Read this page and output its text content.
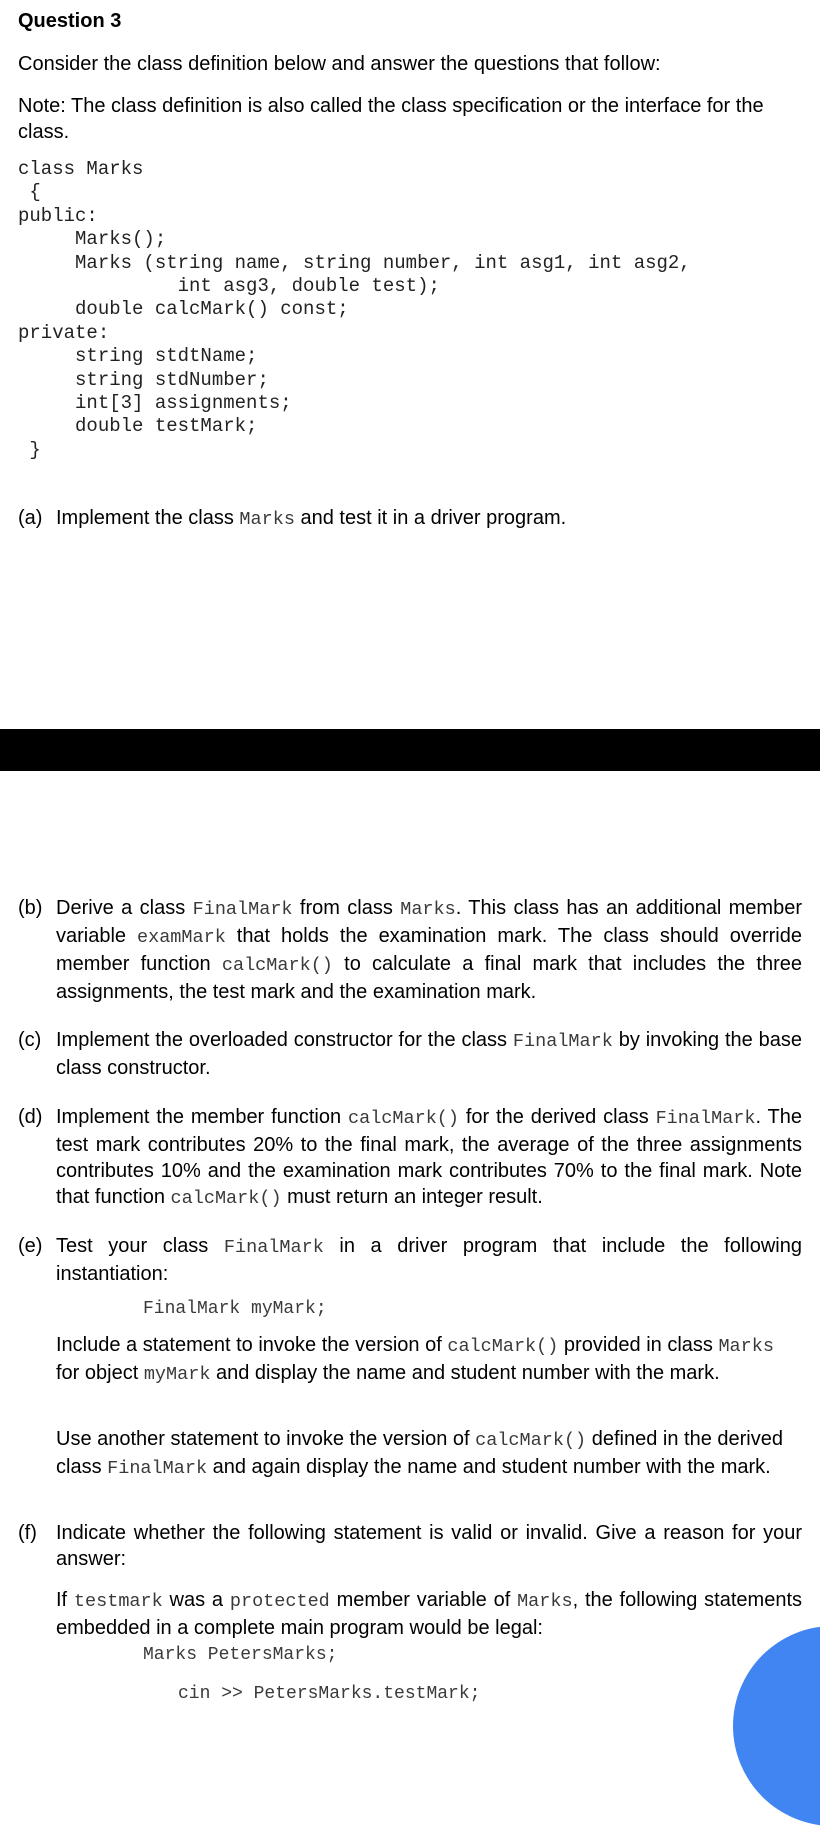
Question 3
Consider the class definition below and answer the questions that follow:
Note: The class definition is also called the class specification or the interface for the class.
class Marks
{
public:
Marks();
Marks (string name, string number, int asg1, int asg2,
int asg3, double test);
double calcMark() const;
private:
string stdtName;
string stdNumber;
int[3] assignments;
double testMark;
}
(a) Implement the class Marks and test it in a driver program.
(b) Derive a class FinalMark from class Marks. This class has an additional member variable examMark that holds the examination mark. The class should override member function calcMark() to calculate a final mark that includes the three assignments, the test mark and the examination mark.
(c) Implement the overloaded constructor for the class FinalMark by invoking the base class constructor.
(d) Implement the member function calcMark() for the derived class FinalMark. The test mark contributes 20% to the final mark, the average of the three assignments contributes 10% and the examination mark contributes 70% to the final mark. Note that function calcMark() must return an integer result.
(e) Test your class FinalMark in a driver program that include the following instantiation:
FinalMark myMark;
Include a statement to invoke the version of calcMark() provided in class Marks for object myMark and display the name and student number with the mark.
Use another statement to invoke the version of calcMark() defined in the derived class FinalMark and again display the name and student number with the mark.
(f) Indicate whether the following statement is valid or invalid. Give a reason for your answer:
If testmark was a protected member variable of Marks, the following statements embedded in a complete main program would be legal:
Marks PetersMarks;
cin >> PetersMarks.testMark;
